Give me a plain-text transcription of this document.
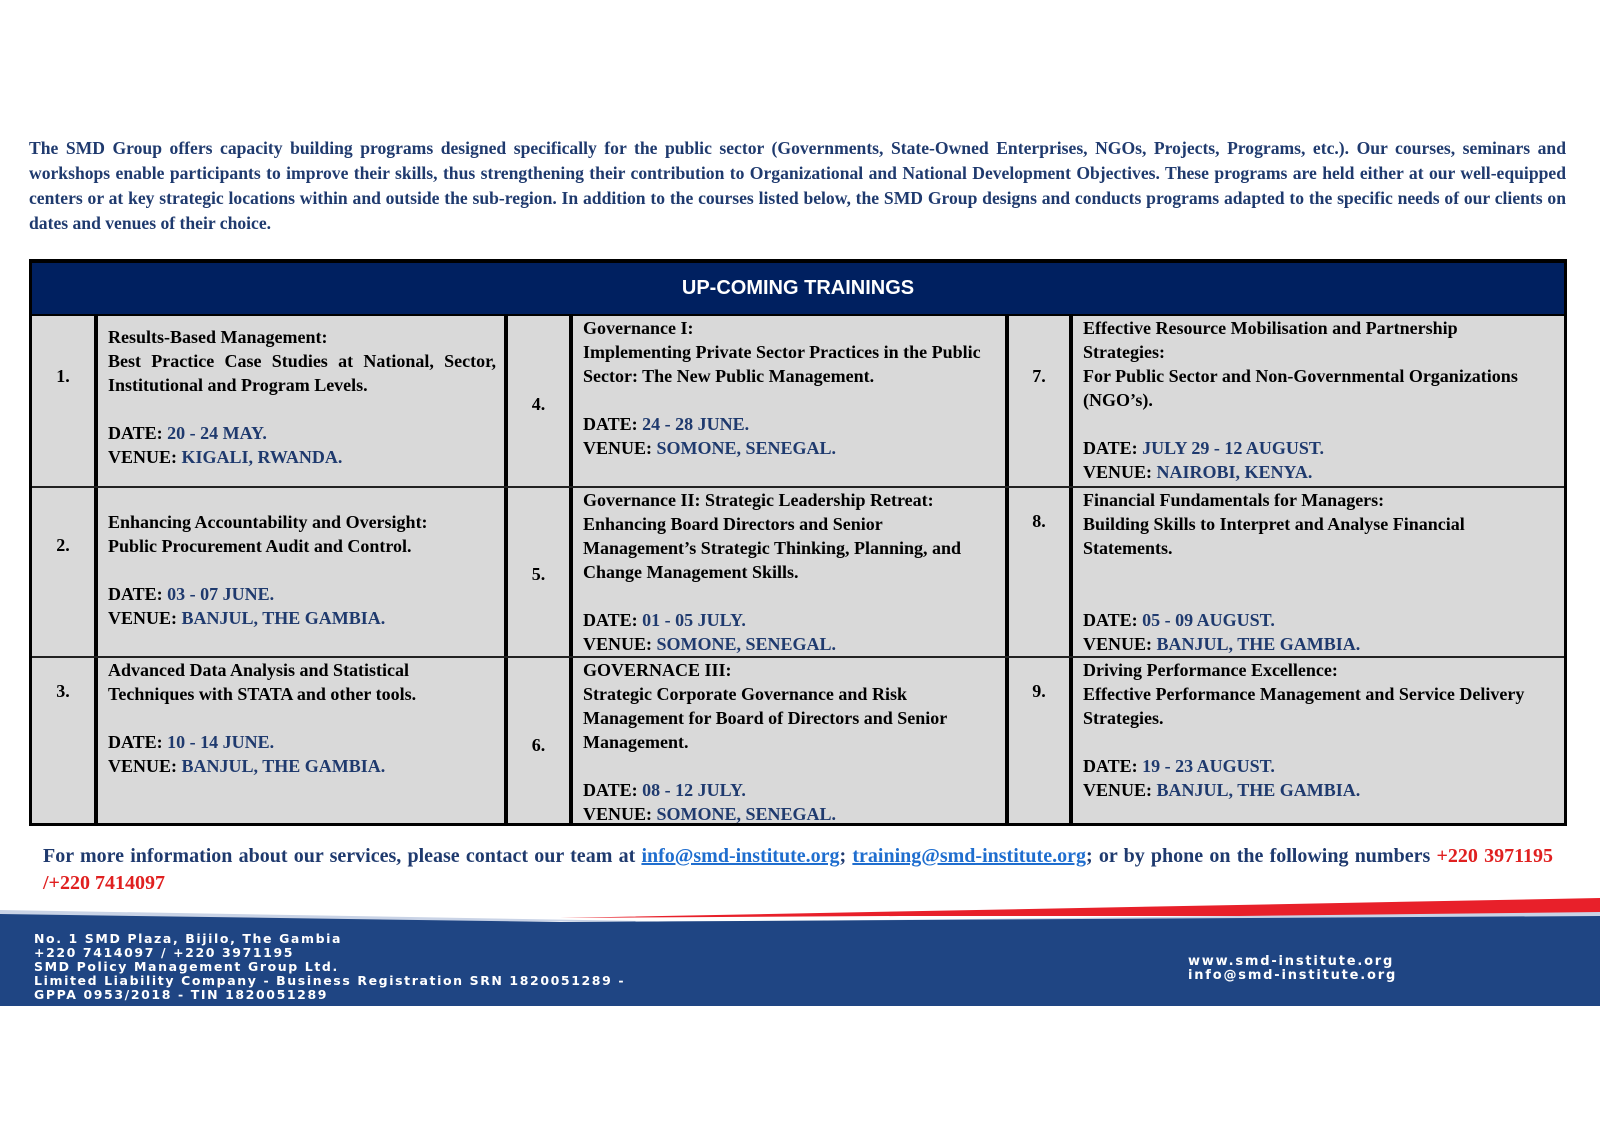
The SMD Group offers capacity building programs designed specifically for the public sector (Governments, State-Owned Enterprises, NGOs, Projects, Programs, etc.). Our courses, seminars and workshops enable participants to improve their skills, thus strengthening their contribution to Organizational and National Development Objectives. These programs are held either at our well-equipped centers or at key strategic locations within and outside the sub-region. In addition to the courses listed below, the SMD Group designs and conducts programs adapted to the specific needs of our clients on dates and venues of their choice.
UP-COMING TRAININGS
1.
Results-Based Management:
Best Practice Case Studies at National, Sector, Institutional and Program Levels.
DATE: 20 - 24 MAY.
VENUE: KIGALI, RWANDA.
4.
Governance I:
Implementing Private Sector Practices in the Public Sector: The New Public Management.
DATE: 24 - 28 JUNE.
VENUE: SOMONE, SENEGAL.
7.
Effective Resource Mobilisation and Partnership Strategies:
For Public Sector and Non-Governmental Organizations (NGO’s).
DATE: JULY 29 - 12 AUGUST.
VENUE: NAIROBI, KENYA.
2.
Enhancing Accountability and Oversight:
Public Procurement Audit and Control.
DATE: 03 - 07 JUNE.
VENUE: BANJUL, THE GAMBIA.
5.
Governance II: Strategic Leadership Retreat:
Enhancing Board Directors and Senior Management’s Strategic Thinking, Planning, and Change Management Skills.
DATE: 01 - 05 JULY.
VENUE: SOMONE, SENEGAL.
8.
Financial Fundamentals for Managers:
Building Skills to Interpret and Analyse Financial Statements.
DATE: 05 - 09 AUGUST.
VENUE: BANJUL, THE GAMBIA.
3.
Advanced Data Analysis and Statistical
Techniques with STATA and other tools.
DATE: 10 - 14 JUNE.
VENUE: BANJUL, THE GAMBIA.
6.
GOVERNACE III:
Strategic Corporate Governance and Risk Management for Board of Directors and Senior Management.
DATE: 08 - 12 JULY.
VENUE: SOMONE, SENEGAL.
9.
Driving Performance Excellence:
Effective Performance Management and Service Delivery Strategies.
DATE: 19 - 23 AUGUST.
VENUE: BANJUL, THE GAMBIA.
For more information about our services, please contact our team at info@smd-institute.org; training@smd-institute.org; or by phone on the following numbers +220 3971195 /+220 7414097
No. 1 SMD Plaza, Bijilo, The Gambia
+220 7414097 / +220 3971195
SMD Policy Management Group Ltd.
Limited Liability Company - Business Registration SRN 1820051289 -
GPPA 0953/2018 - TIN 1820051289
www.smd-institute.org
info@smd-institute.org
